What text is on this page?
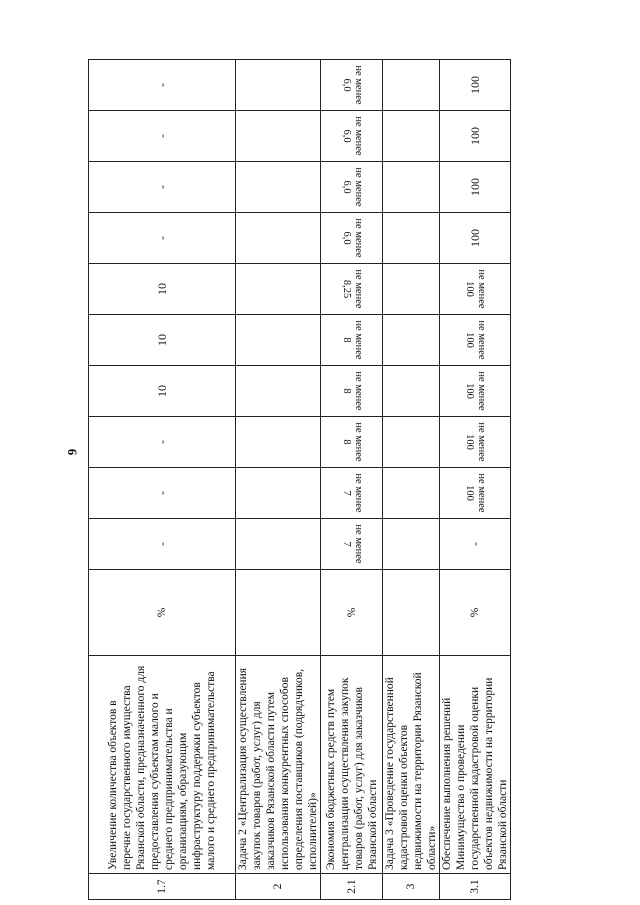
6
1.7	Увеличение количества объектов в перечне государственного имущества Рязанской области, предназначенного для предоставления субъектам малого и среднего предпринимательства и организациям, образующим инфраструктуру поддержки субъектов малого и среднего предпринимательства	%	-	-	-	10	10	10	-	-	-	-
2	Задача 2 «Централизация осуществления закупок товаров (работ, услуг) для заказчиков Рязанской области путем использования конкурентных способов определения поставщиков (подрядчиков, исполнителей)»											
2.1	Экономия бюджетных средств путем централизации осуществления закупок товаров (работ, услуг) для заказчиков Рязанской области	%	не менее 7	не менее 7	не менее 8	не менее 8	не менее 8	не менее 8,25	не менее 6,0	не менее 6,0	не менее 6,0	не менее 6,0
3	Задача 3 «Проведение государственной кадастровой оценки объектов недвижимости на территории Рязанской области»											
3.1	Обеспечение выполнения решений Минимущества о проведении государственной кадастровой оценки объектов недвижимости на территории Рязанской области	%	-	не менее 100	не менее 100	не менее 100	не менее 100	не менее 100	100	100	100	100
